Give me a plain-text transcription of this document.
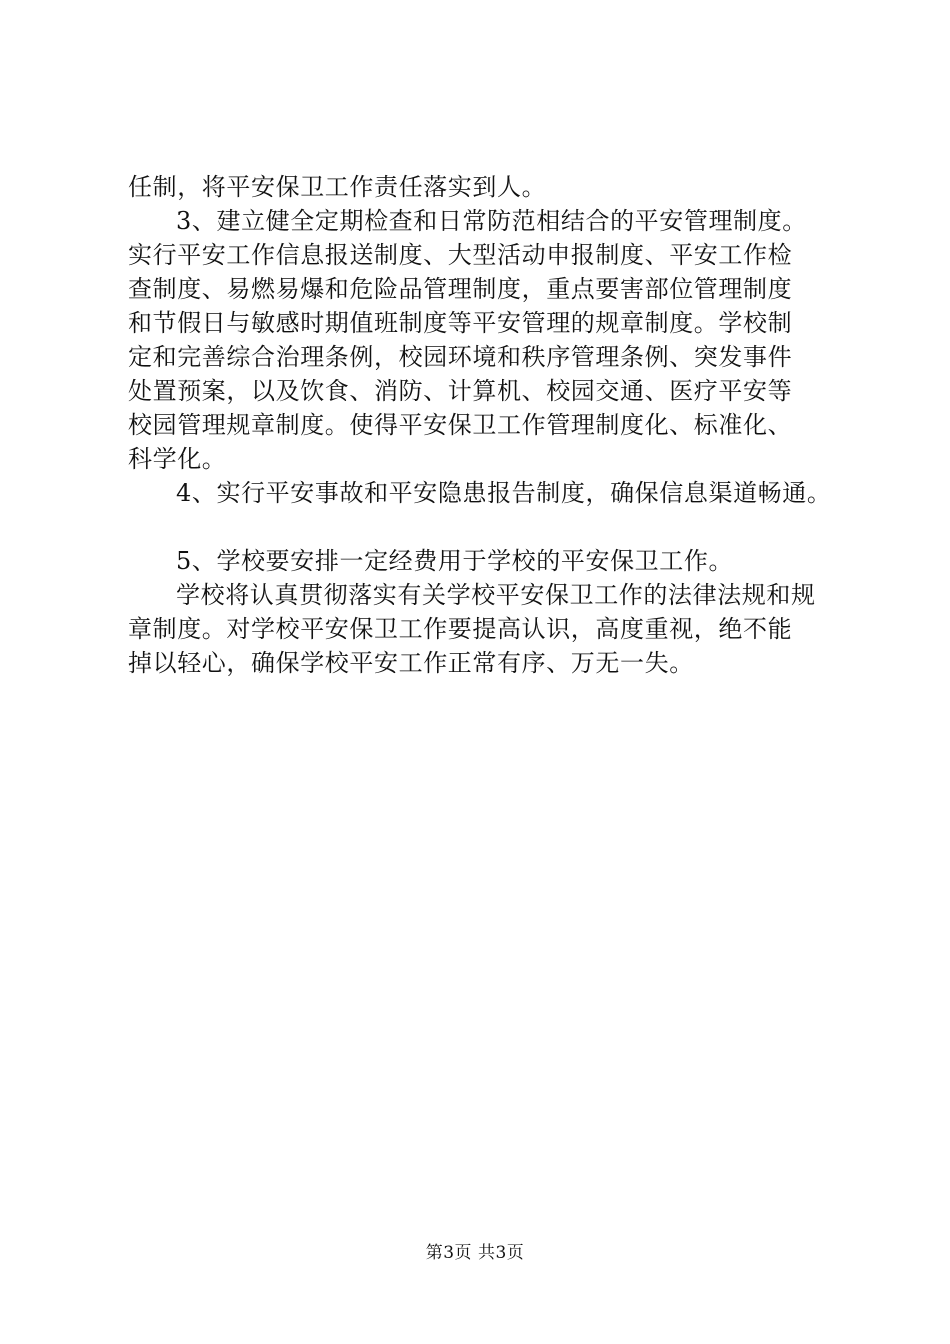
任制，将平安保卫工作责任落实到人。
3、建立健全定期检查和日常防范相结合的平安管理制度。
实行平安工作信息报送制度、大型活动申报制度、平安工作检
查制度、易燃易爆和危险品管理制度，重点要害部位管理制度
和节假日与敏感时期值班制度等平安管理的规章制度。学校制
定和完善综合治理条例，校园环境和秩序管理条例、突发事件
处置预案，以及饮食、消防、计算机、校园交通、医疗平安等
校园管理规章制度。使得平安保卫工作管理制度化、标准化、
科学化。
4、实行平安事故和平安隐患报告制度，确保信息渠道畅通。
5、学校要安排一定经费用于学校的平安保卫工作。
学校将认真贯彻落实有关学校平安保卫工作的法律法规和规
章制度。对学校平安保卫工作要提高认识，高度重视，绝不能
掉以轻心，确保学校平安工作正常有序、万无一失。
第3页 共3页
